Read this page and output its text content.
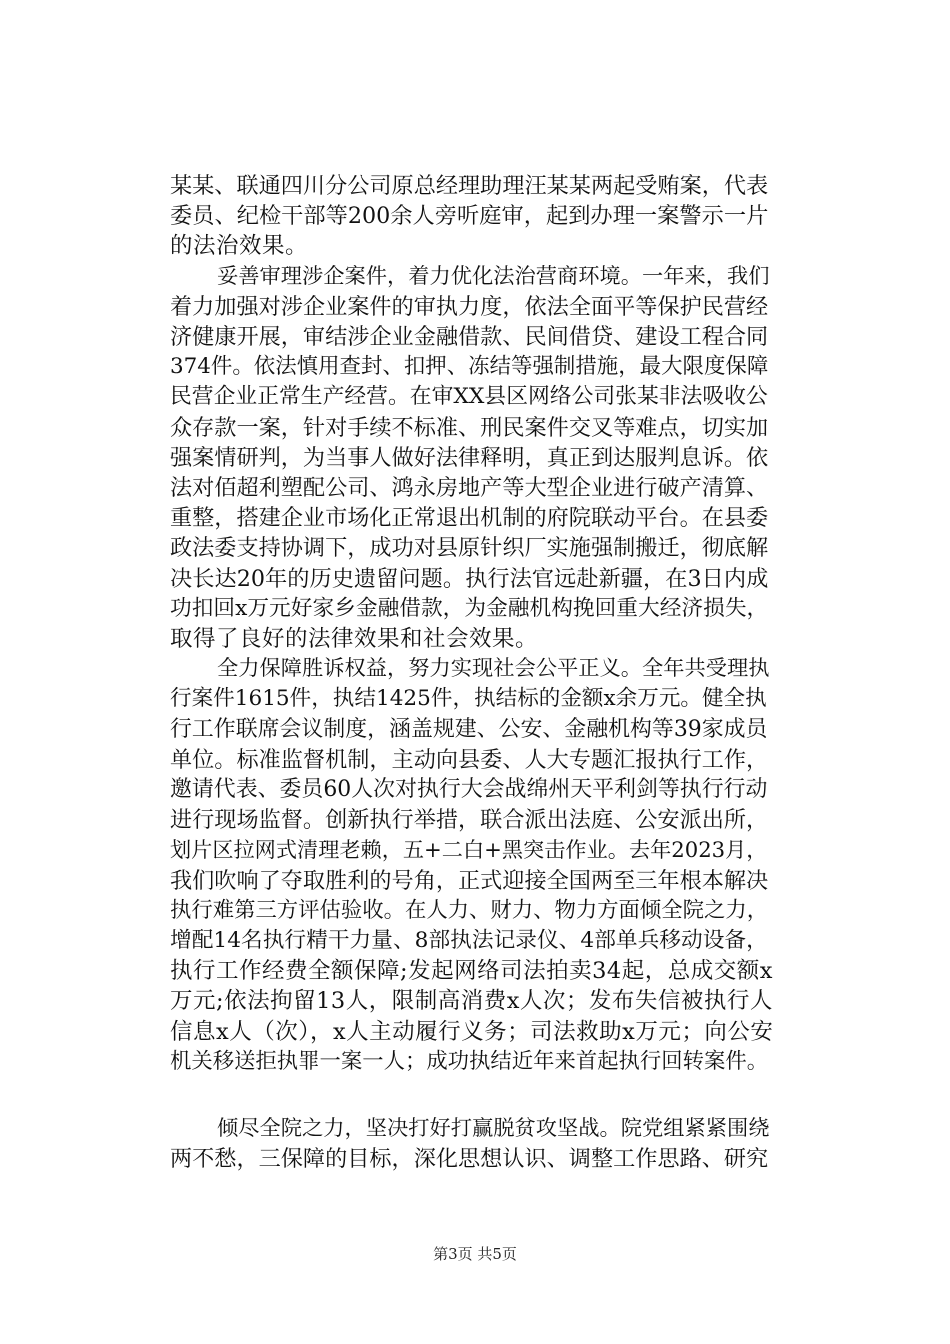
某某、联通四川分公司原总经理助理汪某某两起受贿案，代表
委员、纪检干部等200余人旁听庭审，起到办理一案警示一片
的法治效果。
妥善审理涉企案件，着力优化法治营商环境。一年来，我们
着力加强对涉企业案件的审执力度，依法全面平等保护民营经
济健康开展，审结涉企业金融借款、民间借贷、建设工程合同
374件。依法慎用查封、扣押、冻结等强制措施，最大限度保障
民营企业正常生产经营。在审XX县区网络公司张某非法吸收公
众存款一案，针对手续不标准、刑民案件交叉等难点，切实加
强案情研判，为当事人做好法律释明，真正到达服判息诉。依
法对佰超利塑配公司、鸿永房地产等大型企业进行破产清算、
重整，搭建企业市场化正常退出机制的府院联动平台。在县委
政法委支持协调下，成功对县原针织厂实施强制搬迁，彻底解
决长达20年的历史遗留问题。执行法官远赴新疆，在3日内成
功扣回x万元好家乡金融借款，为金融机构挽回重大经济损失，
取得了良好的法律效果和社会效果。
全力保障胜诉权益，努力实现社会公平正义。全年共受理执
行案件1615件，执结1425件，执结标的金额x余万元。健全执
行工作联席会议制度，涵盖规建、公安、金融机构等39家成员
单位。标准监督机制，主动向县委、人大专题汇报执行工作，
邀请代表、委员60人次对执行大会战绵州天平利剑等执行行动
进行现场监督。创新执行举措，联合派出法庭、公安派出所，
划片区拉网式清理老赖，五+二白+黑突击作业。去年2023月，
我们吹响了夺取胜利的号角，正式迎接全国两至三年根本解决
执行难第三方评估验收。在人力、财力、物力方面倾全院之力，
增配14名执行精干力量、8部执法记录仪、4部单兵移动设备，
执行工作经费全额保障;发起网络司法拍卖34起，总成交额x
万元;依法拘留13人，限制高消费x人次；发布失信被执行人
信息x人（次），x人主动履行义务；司法救助x万元；向公安
机关移送拒执罪一案一人；成功执结近年来首起执行回转案件。
倾尽全院之力，坚决打好打赢脱贫攻坚战。院党组紧紧围绕
两不愁，三保障的目标，深化思想认识、调整工作思路、研究
第3页 共5页
